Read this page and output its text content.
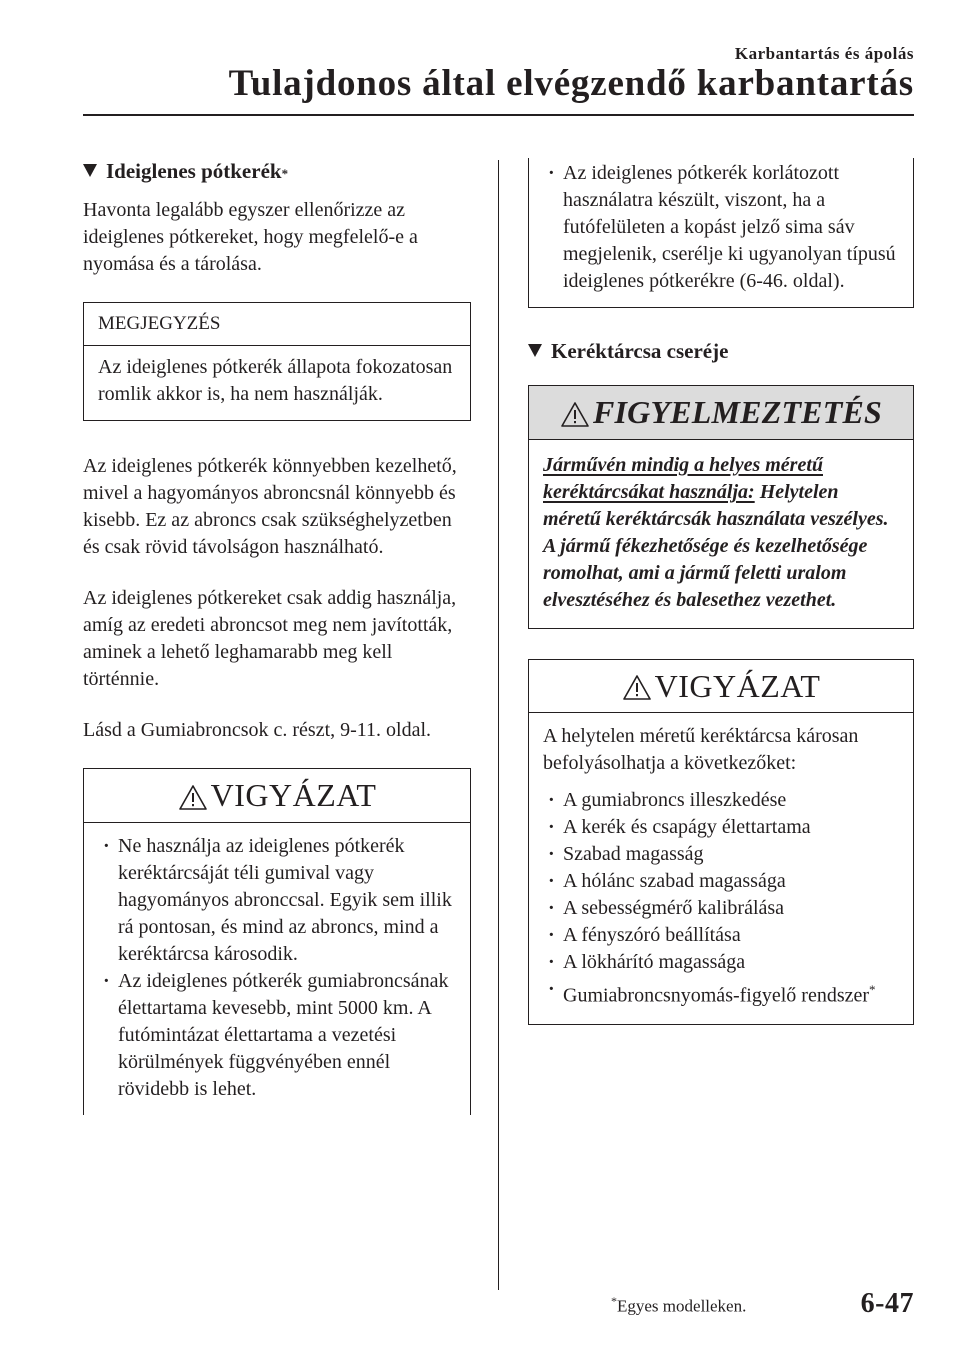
Karbantartás és ápolás
Tulajdonos által elvégzendő karbantartás
Ideiglenes pótkerék *

Havonta legalább egyszer ellenőrizze az ideiglenes pótkereket, hogy megfelelő-e a nyomása és a tárolása.

MEGJEGYZÉS
Az ideiglenes pótkerék állapota fokozatosan romlik akkor is, ha nem használják.

Az ideiglenes pótkerék könnyebben kezelhető, mivel a hagyományos abroncsnál könnyebb és kisebb. Ez az abroncs csak szükséghelyzetben és csak rövid távolságon használható.

Az ideiglenes pótkereket csak addig használja, amíg az eredeti abroncsot meg nem javították, aminek a lehető leghamarabb meg kell történnie.

Lásd a Gumiabroncsok c. részt, 9-11. oldal.

VIGYÁZAT
· Ne használja az ideiglenes pótkerék keréktárcsáját téli gumival vagy hagyományos abronccsal. Egyik sem illik rá pontosan, és mind az abroncs, mind a keréktárcsa károsodik.
· Az ideiglenes pótkerék gumiabroncsának élettartama kevesebb, mint 5000 km. A futómintázat élettartama a vezetési körülmények függvényében ennél rövidebb is lehet.
· Az ideiglenes pótkerék korlátozott használatra készült, viszont, ha a futófelületen a kopást jelző sima sáv megjelenik, cserélje ki ugyanolyan típusú ideiglenes pótkerékre (6-46. oldal).
Keréktárcsa cseréje
FIGYELMEZTETÉS
Járművén mindig a helyes méretű keréktárcsákat használja: Helytelen méretű keréktárcsák használata veszélyes. A jármű fékezhetősége és kezelhetősége romolhat, ami a jármű feletti uralom elvesztéséhez és balesethez vezethet.
VIGYÁZAT

A helytelen méretű keréktárcsa károsan befolyásolhatja a következőket:

· A gumiabroncs illeszkedése
· A kerék és csapágy élettartama
· Szabad magasság
· A hólánc szabad magassága
· A sebességmérő kalibrálása
· A fényszóró beállítása
· A lökhárító magassága
· Gumiabroncsnyomás-figyelő rendszer*
*Egyes modelleken.	6-47
